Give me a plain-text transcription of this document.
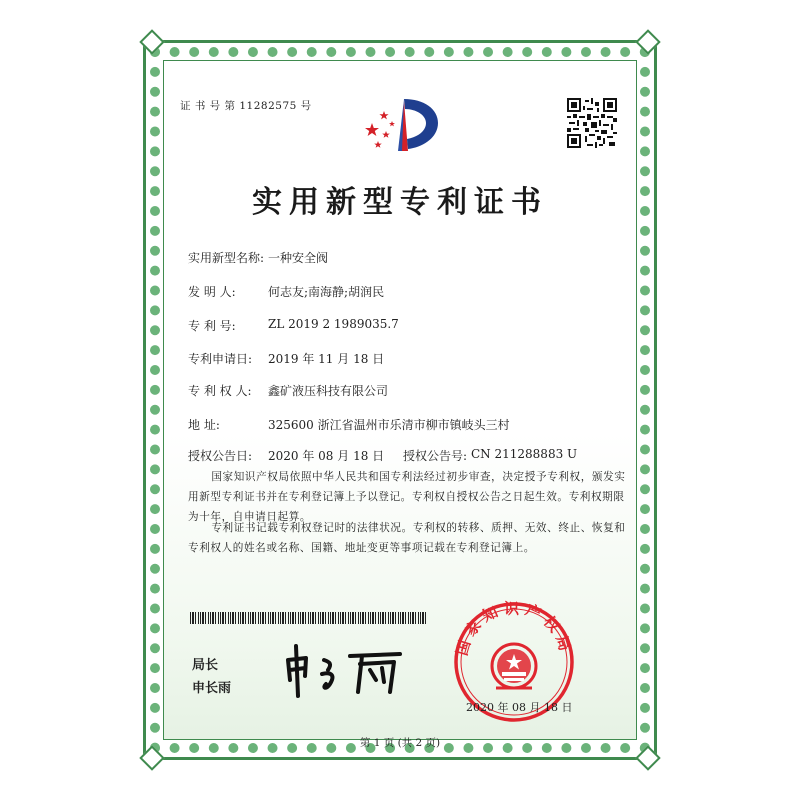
证 书 号 第 11282575 号
实用新型专利证书
实用新型名称: 一种安全阀
发 明 人:	何志友;南海静;胡润民
专 利 号:	ZL 2019 2 1989035.7
专利申请日: 2019 年 11 月 18 日
专 利 权 人: 鑫矿液压科技有限公司
地 址:	325600 浙江省温州市乐清市柳市镇岐头三村
授权公告日: 2020 年 08 月 18 日 授权公告号: CN 211288883 U
国家知识产权局依照中华人民共和国专利法经过初步审查，决定授予专利权，颁发实用新型专利证书并在专利登记簿上予以登记。专利权自授权公告之日起生效。专利权期限为十年，自申请日起算。
专利证书记载专利权登记时的法律状况。专利权的转移、质押、无效、终止、恢复和专利权人的姓名或名称、国籍、地址变更等事项记载在专利登记簿上。
局长
申长雨
国家知识产权局
2020 年 08 月 18 日
第 1 页 (共 2 页)
